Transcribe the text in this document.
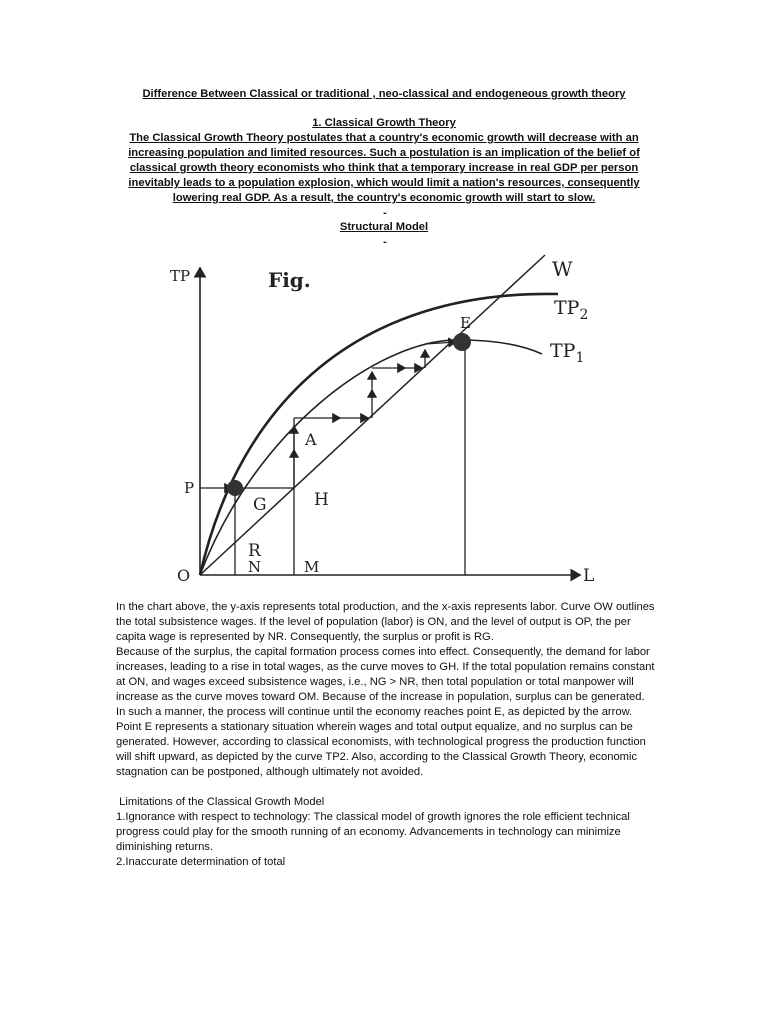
Difference Between Classical or traditional , neo-classical and endogeneous growth theory
1. Classical Growth Theory

The Classical Growth Theory postulates that a country's economic growth will decrease with an increasing population and limited resources. Such a postulation is an implication of the belief of classical growth theory economists who think that a temporary increase in real GDP per person inevitably leads to a population explosion, which would limit a nation's resources, consequently lowering real GDP. As a result, the country's economic growth will start to slow.

-
Structural Model
-
Fig.
TP
L
O
W
$TP_2$
$TP_1$
E
P
G	H
A
R
N	M

In the chart above, the y-axis represents total production, and the x-axis represents labor. Curve OW outlines the total subsistence wages. If the level of population (labor) is ON, and the level of output is OP, the per capita wage is represented by NR. Consequently, the surplus or profit is RG.

Because of the surplus, the capital formation process comes into effect. Consequently, the demand for labor increases, leading to a rise in total wages, as the curve moves to GH. If the total population remains constant at ON, and wages exceed subsistence wages, i.e., NG > NR, then total population or total manpower will increase as the curve moves toward OM. Because of the increase in population, surplus can be generated.

In such a manner, the process will continue until the economy reaches point E, as depicted by the arrow. Point E represents a stationary situation wherein wages and total output equalize, and no surplus can be generated. However, according to classical economists, with technological progress the production function will shift upward, as depicted by the curve TP2. Also, according to the Classical Growth Theory, economic stagnation can be postponed, although ultimately not avoided.

Limitations of the Classical Growth Model

1.Ignorance with respect to technology: The classical model of growth ignores the role efficient technical progress could play for the smooth running of an economy. Advancements in technology can minimize diminishing returns.

2.Inaccurate determination of total
